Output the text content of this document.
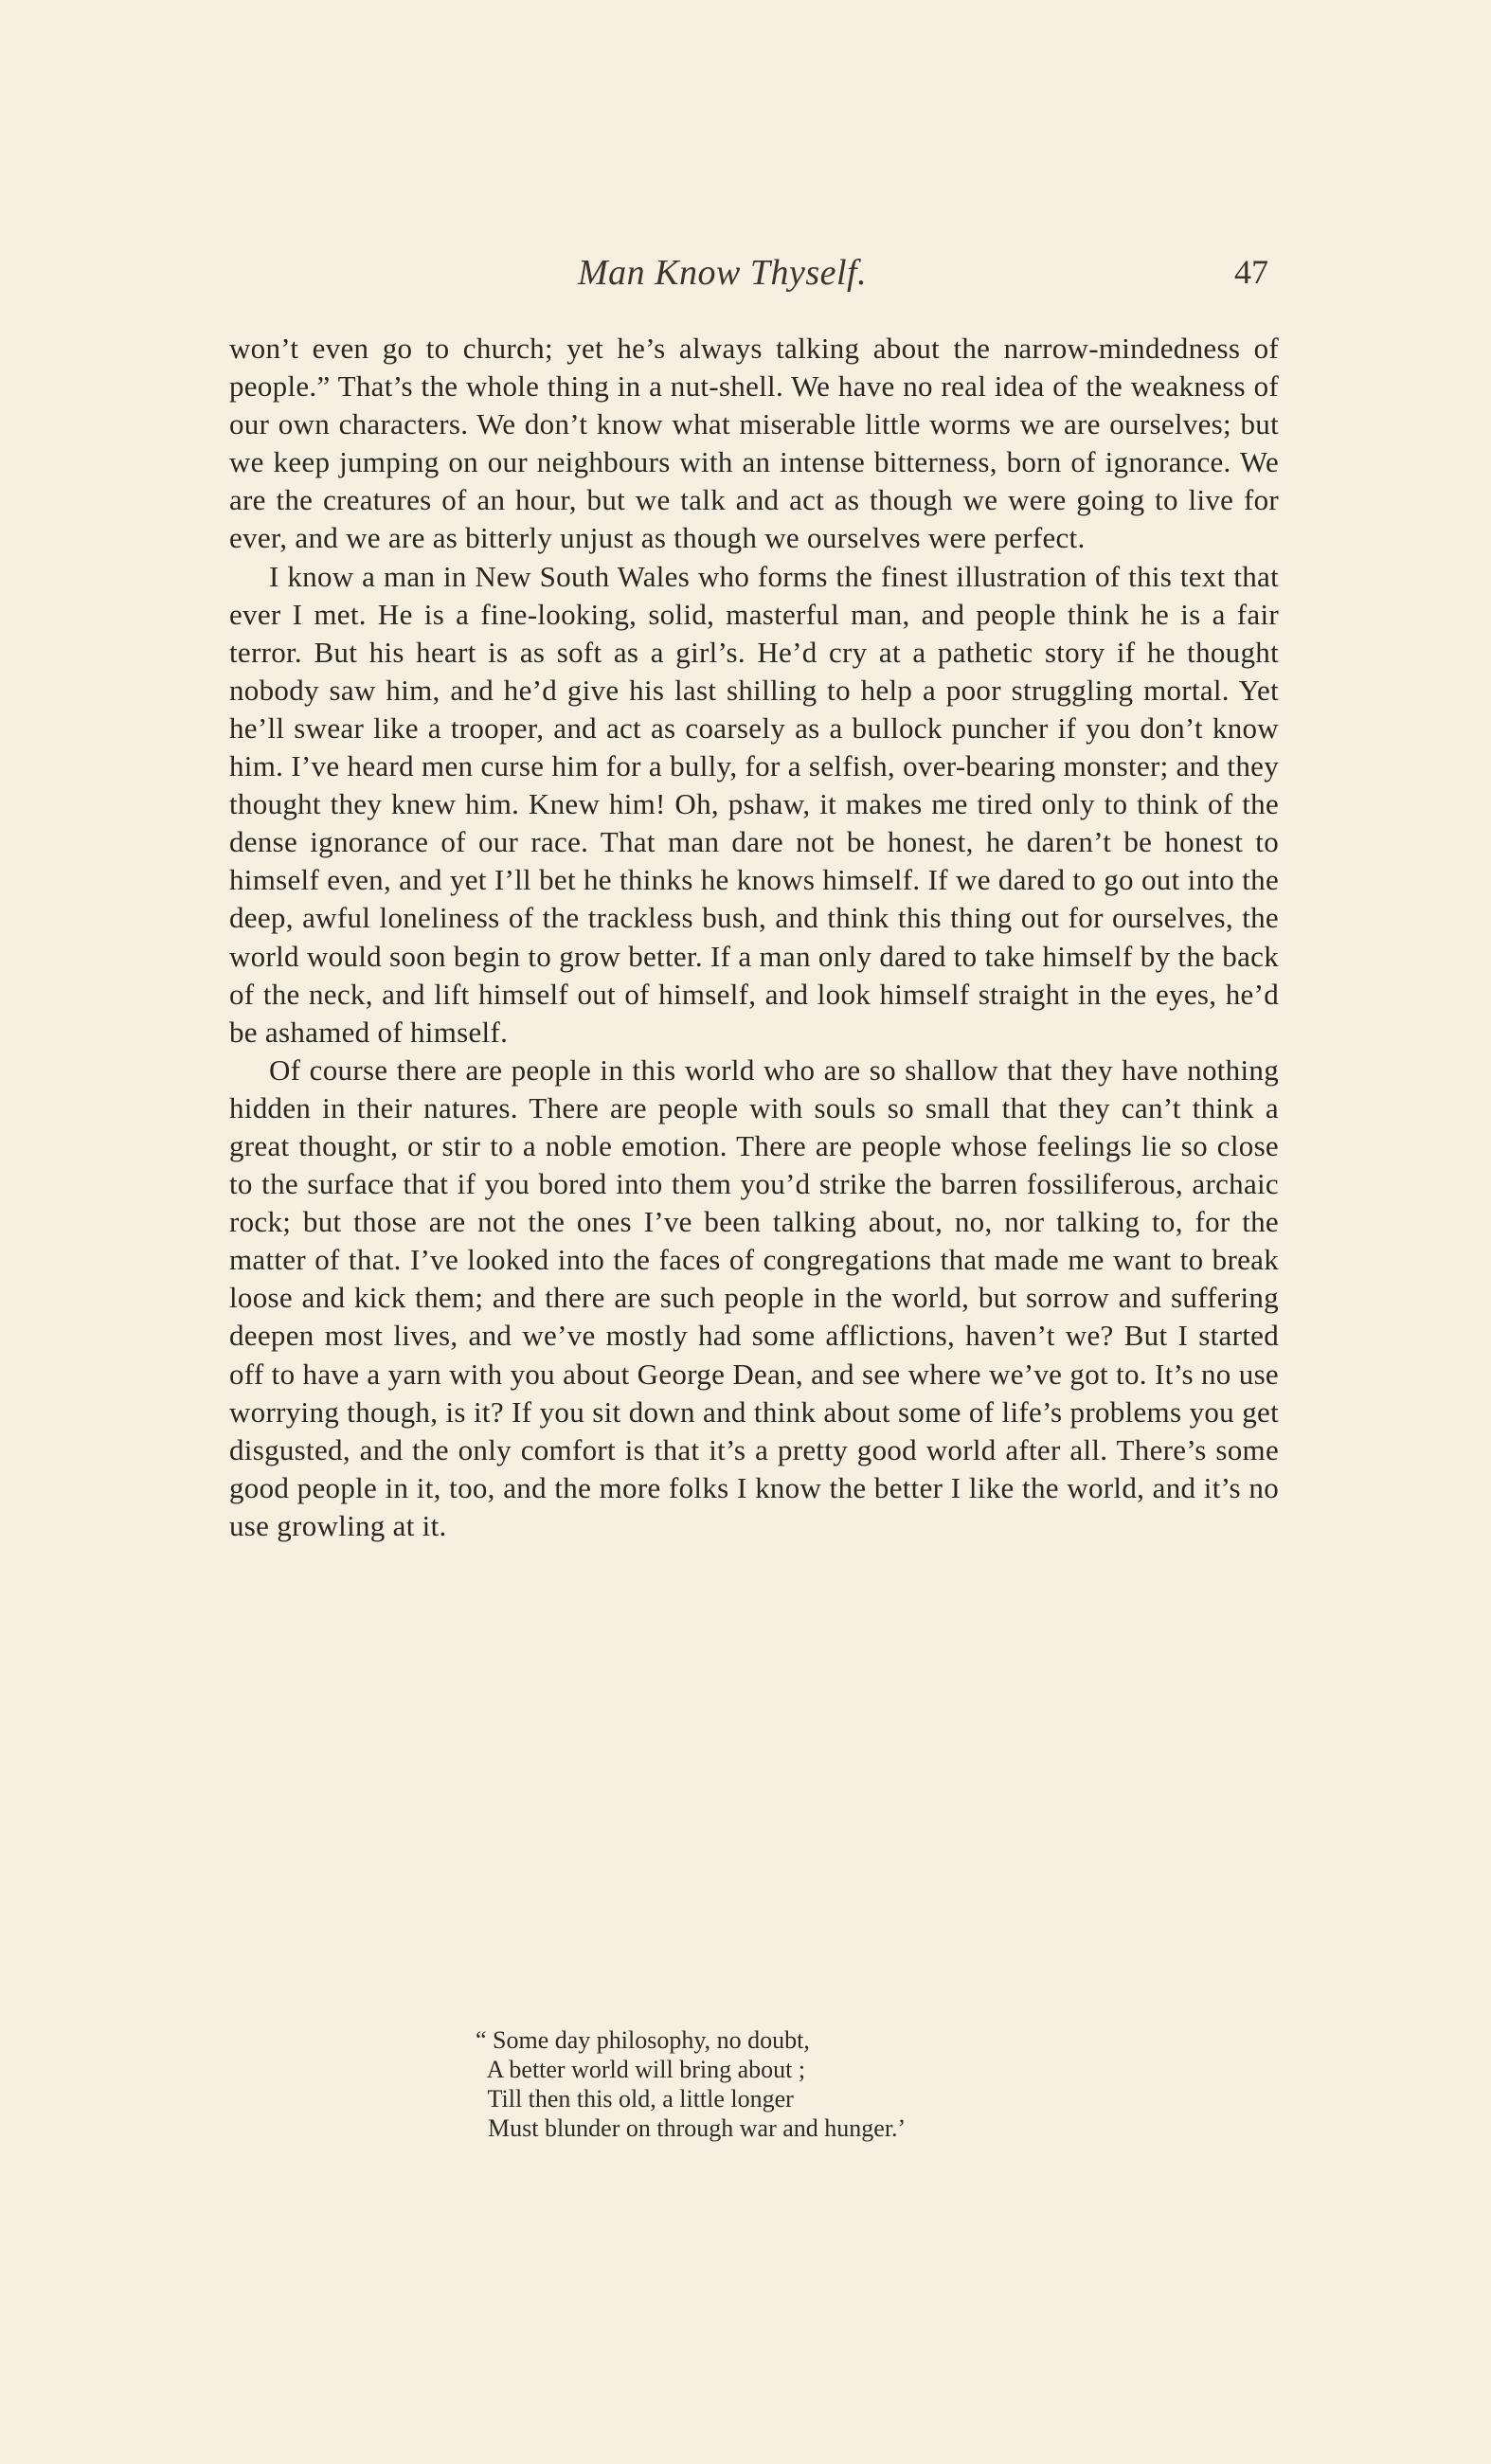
Man Know Thyself.	47

won’t even go to church; yet he’s always talking about the narrow-mindedness of people.” That’s the whole thing in a nut-shell. We have no real idea of the weakness of our own characters. We don’t know what miserable little worms we are ourselves; but we keep jumping on our neighbours with an intense bitterness, born of ignorance. We are the creatures of an hour, but we talk and act as though we were going to live for ever, and we are as bitterly unjust as though we ourselves were perfect.

I know a man in New South Wales who forms the finest illustration of this text that ever I met. He is a fine-looking, solid, masterful man, and people think he is a fair terror. But his heart is as soft as a girl’s. He’d cry at a pathetic story if he thought nobody saw him, and he’d give his last shilling to help a poor struggling mortal. Yet he’ll swear like a trooper, and act as coarsely as a bullock puncher if you don’t know him. I’ve heard men curse him for a bully, for a selfish, over-bearing monster; and they thought they knew him. Knew him! Oh, pshaw, it makes me tired only to think of the dense ignorance of our race. That man dare not be honest, he daren’t be honest to himself even, and yet I’ll bet he thinks he knows himself. If we dared to go out into the deep, awful loneliness of the trackless bush, and think this thing out for ourselves, the world would soon begin to grow better. If a man only dared to take himself by the back of the neck, and lift himself out of himself, and look himself straight in the eyes, he’d be ashamed of himself.

Of course there are people in this world who are so shallow that they have nothing hidden in their natures. There are people with souls so small that they can’t think a great thought, or stir to a noble emotion. There are people whose feelings lie so close to the surface that if you bored into them you’d strike the barren fossiliferous, archaic rock; but those are not the ones I’ve been talking about, no, nor talking to, for the matter of that. I’ve looked into the faces of congregations that made me want to break loose and kick them; and there are such people in the world, but sorrow and suffering deepen most lives, and we’ve mostly had some afflictions, haven’t we? But I started off to have a yarn with you about George Dean, and see where we’ve got to. It’s no use worrying though, is it? If you sit down and think about some of life’s problems you get disgusted, and the only comfort is that it’s a pretty good world after all. There’s some good people in it, too, and the more folks I know the better I like the world, and it’s no use growling at it.

“ Some day philosophy, no doubt,
A better world will bring about ;
Till then this old, a little longer
Must blunder on through war and hunger.’
